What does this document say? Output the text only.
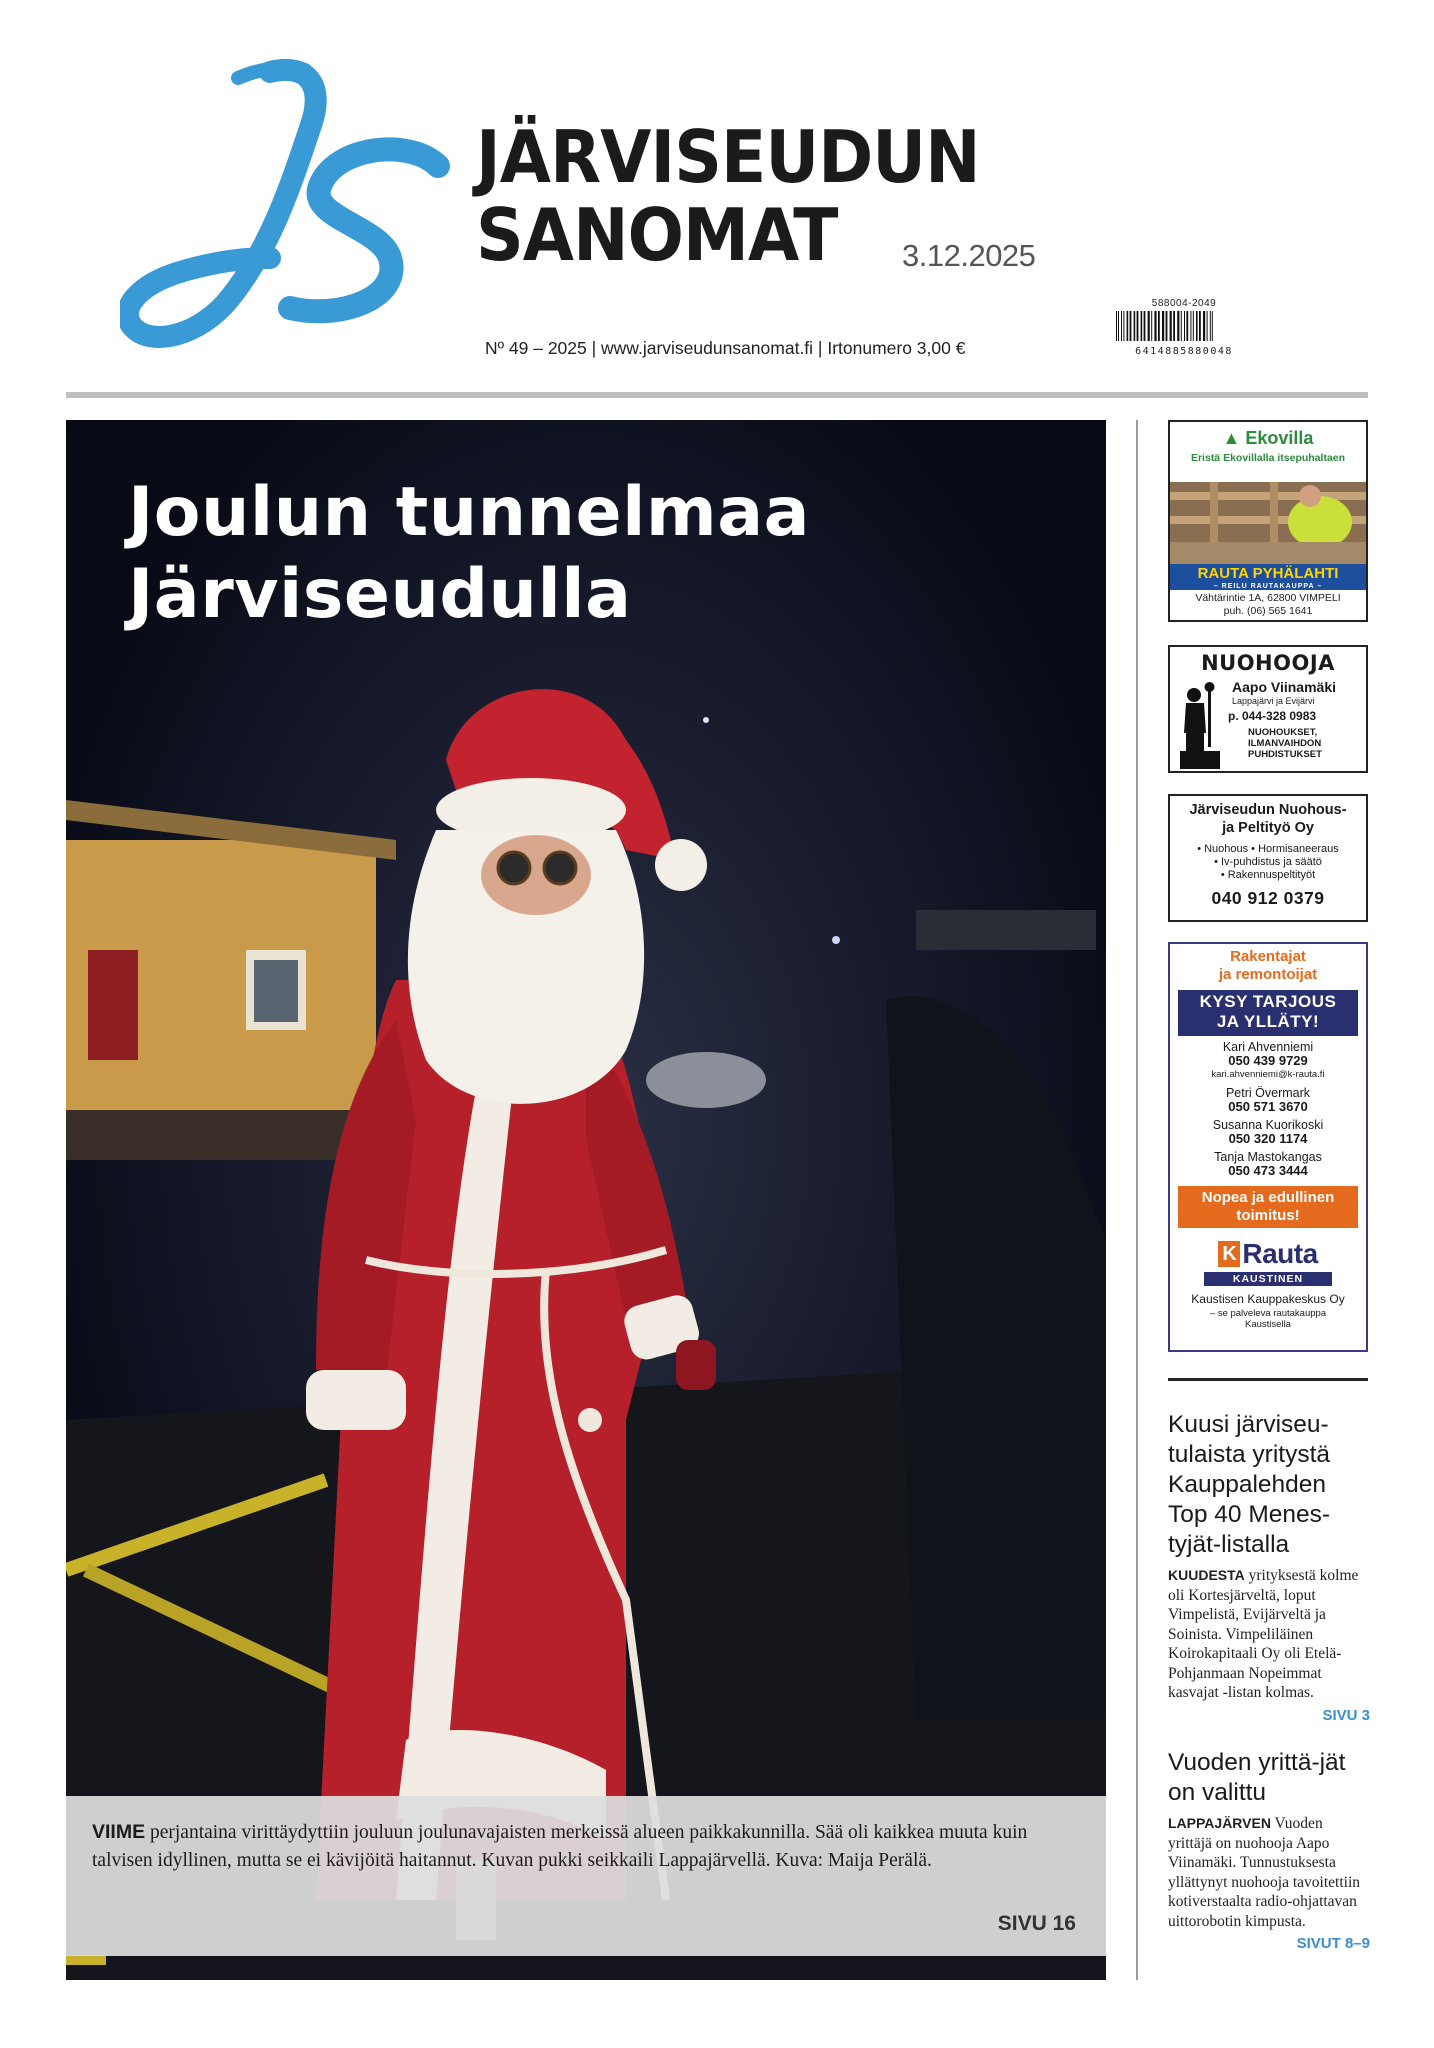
JÄRVISEUDUN
SANOMAT	3.12.2025
Nº 49 – 2025 | www.jarviseudunsanomat.fi | Irtonumero 3,00 €
588004-2049
6414885880048
Joulun tunnelmaa
Järviseudulla
VIIME perjantaina virittäydyttiin jouluun joulunavajaisten merkeissä alueen paikkakunnilla. Sää oli kaikkea muuta kuin talvisen idyllinen, mutta se ei kävijöitä haitannut. Kuvan pukki seikkaili Lappajärvellä. Kuva: Maija Perälä.
SIVU 16
▲ Ekovilla
Eristä Ekovillalla itsepuhaltaen
RAUTA PYHÄLAHTI
– REILU RAUTAKAUPPA –
Vähtärintie 1A, 62800 VIMPELI
puh. (06) 565 1641
NUOHOOJA
Aapo Viinamäki
Lappajärvi ja Evijärvi
p. 044-328 0983
NUOHOUKSET,
ILMANVAIHDON
PUHDISTUKSET
Järviseudun Nuohous-
ja Peltityö Oy
• Nuohous • Hormisaneeraus
• Iv-puhdistus ja säätö
• Rakennuspeltityöt
040 912 0379
Rakentajat
ja remontoijat
KYSY TARJOUS
JA YLLÄTY!
Kari Ahvenniemi
050 439 9729
kari.ahvenniemi@k-rauta.fi
Petri Övermark
050 571 3670
Susanna Kuorikoski
050 320 1174
Tanja Mastokangas
050 473 3444
Nopea ja edullinen
toimitus!
K Rauta
KAUSTINEN
Kaustisen Kauppakeskus Oy
– se palveleva rautakauppa
Kaustisella
Kuusi järviseu-tulaista yritystä Kauppalehden Top 40 Menes-tyjät-listalla
KUUDESTA yrityksestä kolme oli Kortesjärveltä, loput Vimpelistä, Evijärveltä ja Soinista. Vimpeliläinen Koirokapitaali Oy oli Etelä-Pohjanmaan Nopeimmat kasvajat -listan kolmas.
SIVU 3
Vuoden yrittä-jät on valittu
LAPPAJÄRVEN Vuoden yrittäjä on nuohooja Aapo Viinamäki. Tunnustuksesta yllättynyt nuohooja tavoitettiin kotiverstaalta radio-ohjattavan uittorobotin kimpusta.
SIVUT 8–9
